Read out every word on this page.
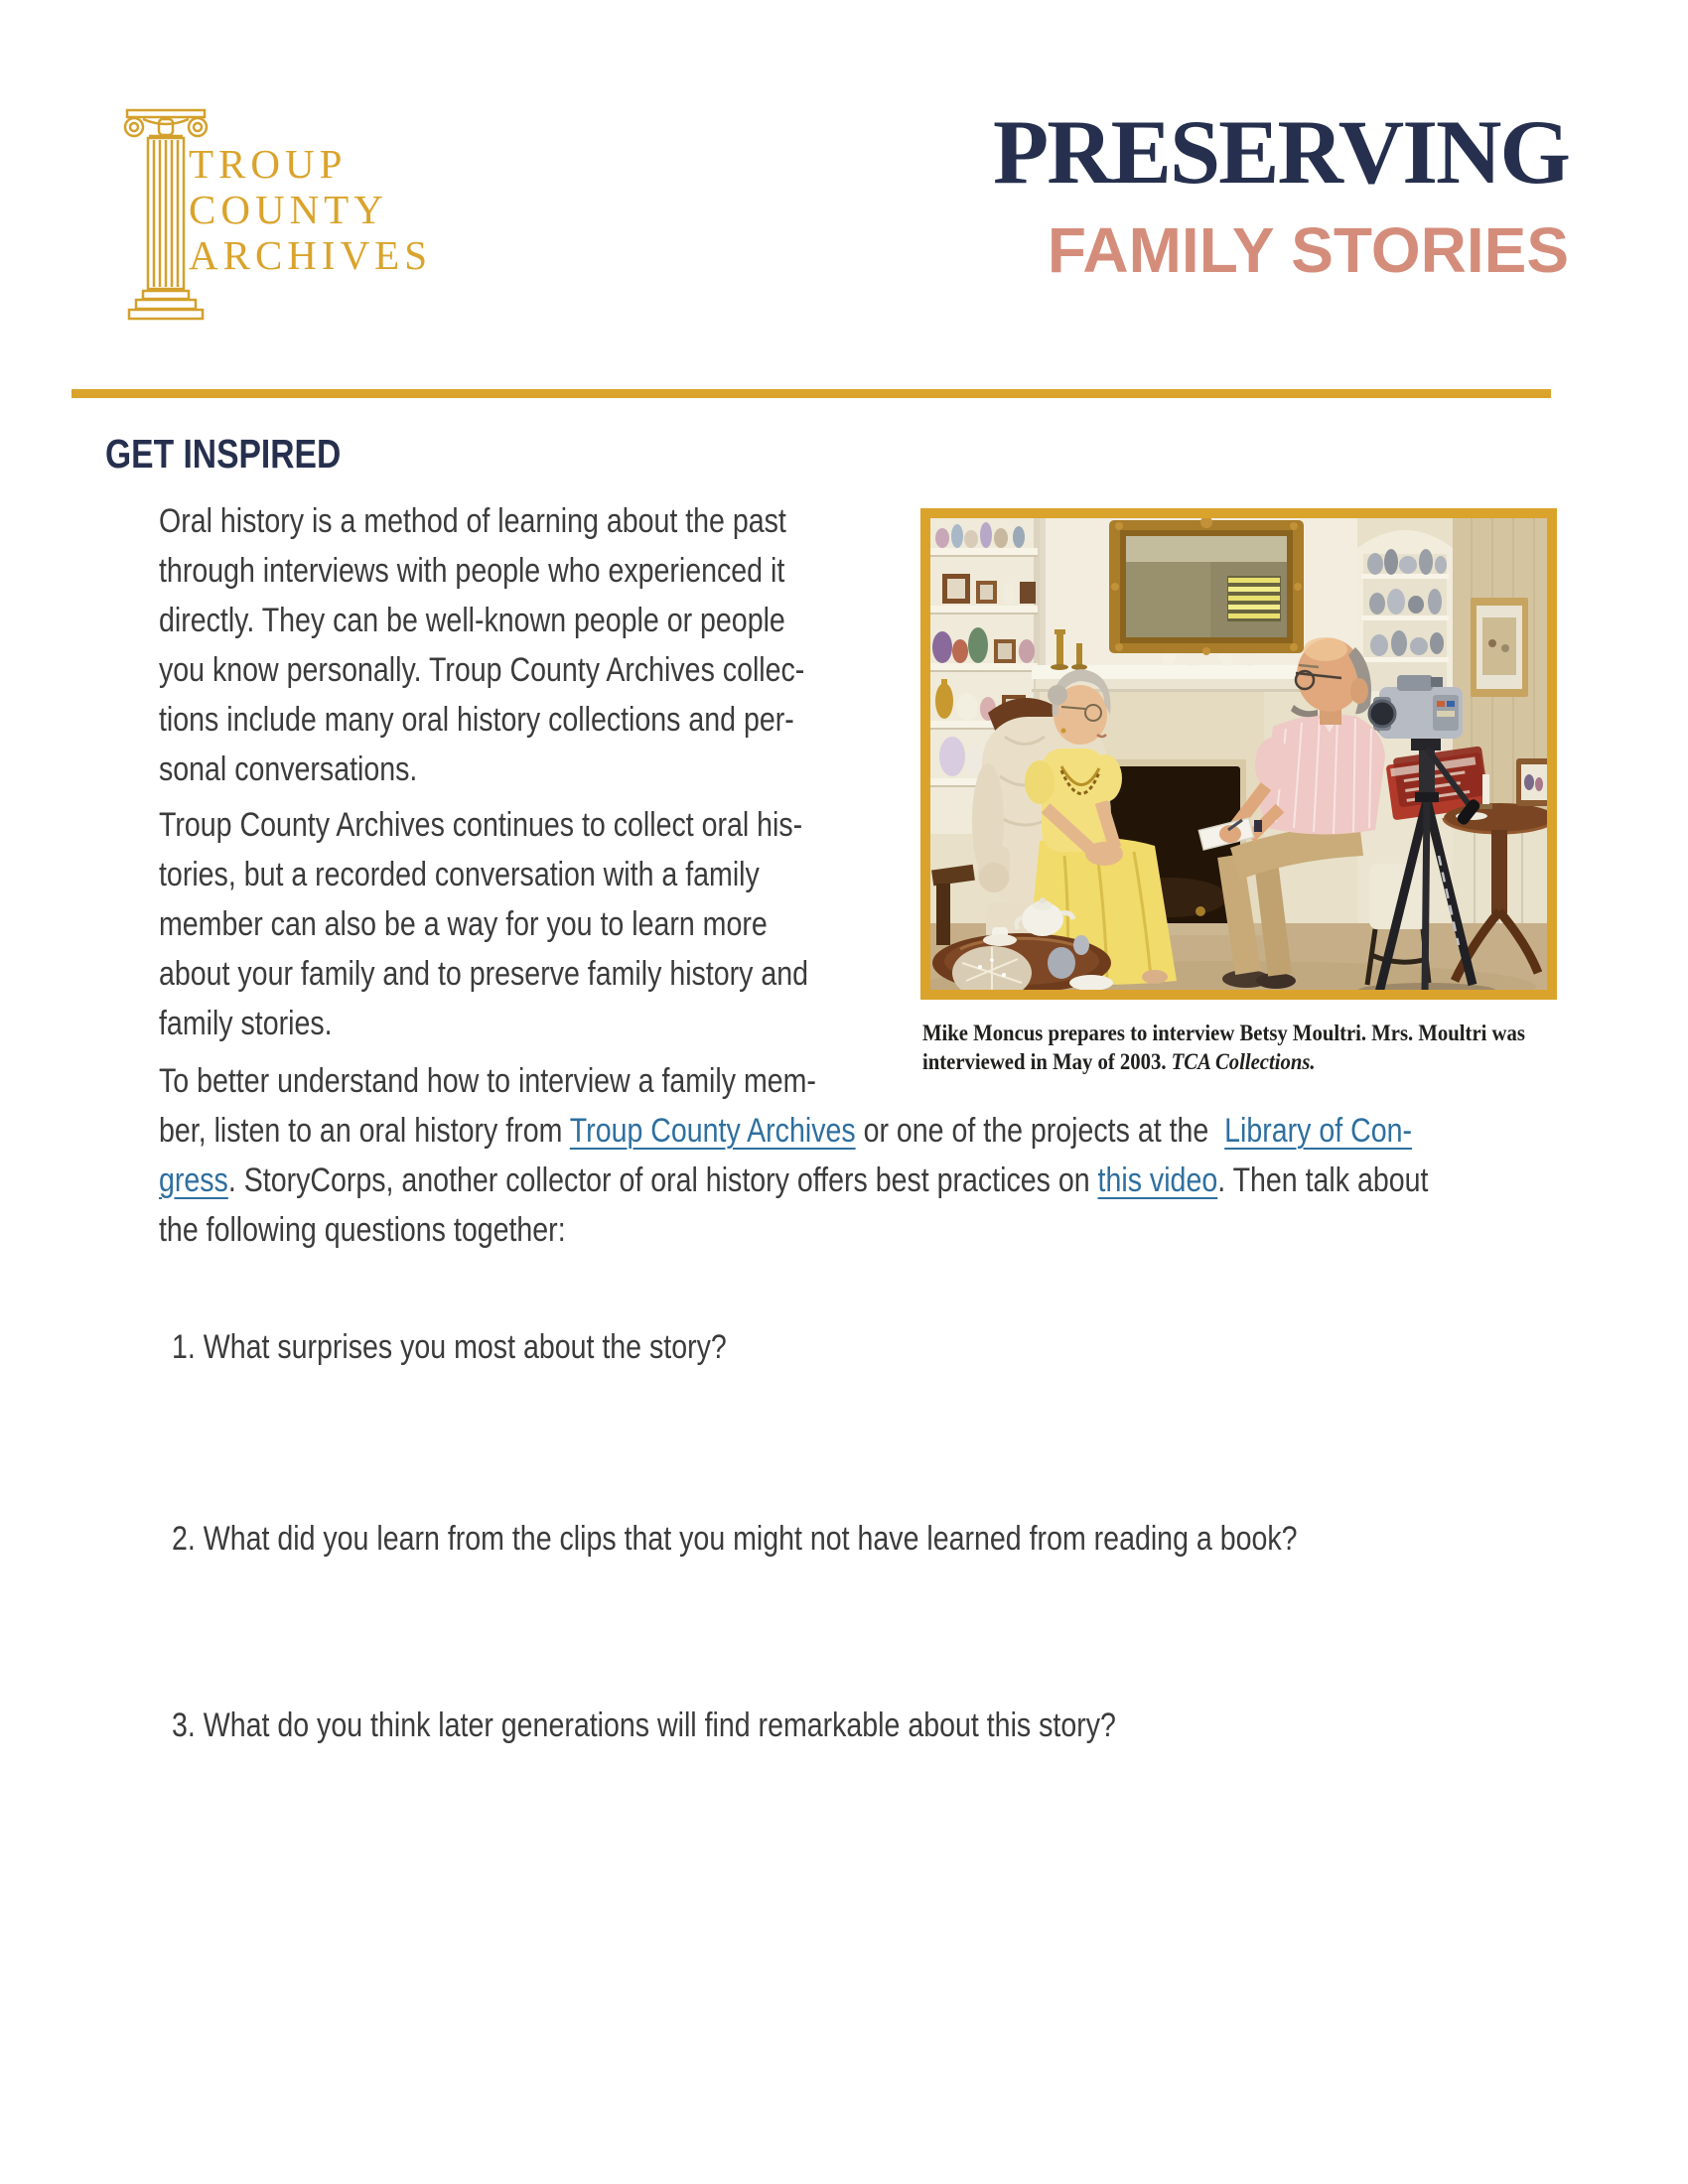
TROUP
COUNTY
ARCHIVES
PRESERVING
FAMILY STORIES
GET INSPIRED
Oral history is a method of learning about the past
through interviews with people who experienced it
directly. They can be well-known people or people
you know personally. Troup County Archives collec-
tions include many oral history collections and per-
sonal conversations.
Troup County Archives continues to collect oral his-
tories, but a recorded conversation with a family
member can also be a way for you to learn more
about your family and to preserve family history and
family stories.
To better understand how to interview a family mem-
ber, listen to an oral history from Troup County Archives or one of the projects at the  Library of Con-
gress. StoryCorps, another collector of oral history offers best practices on this video. Then talk about
the following questions together:
Mike Moncus prepares to interview Betsy Moultri. Mrs. Moultri was
interviewed in May of 2003. TCA Collections.
1. What surprises you most about the story?
2. What did you learn from the clips that you might not have learned from reading a book?
3. What do you think later generations will find remarkable about this story?
